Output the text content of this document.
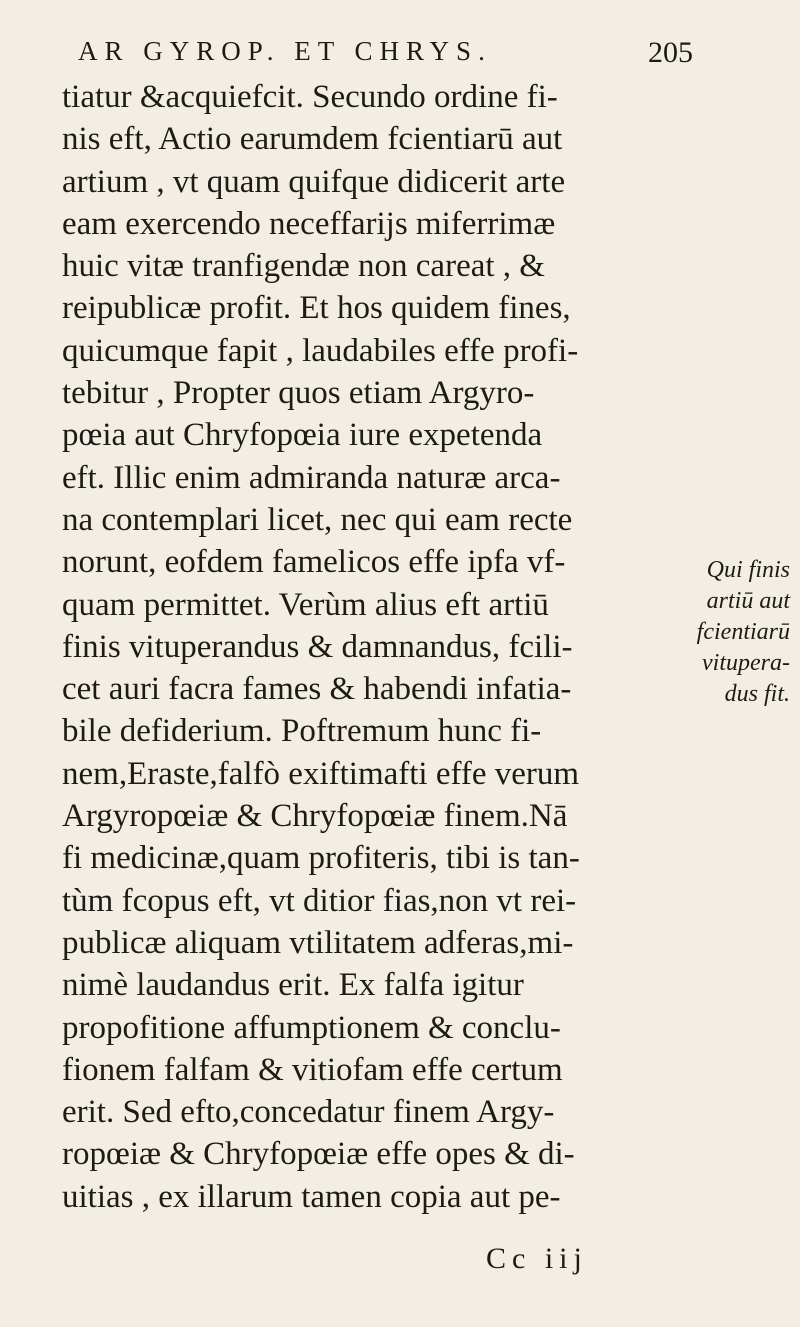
AR GYROP. ET CHRYS.	205
tiatur &acquiefcit. Secundo ordine fi-
nis eft, Actio earumdem fcientiarū aut
artium , vt quam quifque didicerit arte
eam exercendo neceffarijs miferrimæ
huic vitæ tranfigendæ non careat , &
reipublicæ profit. Et hos quidem fines,
quicumque fapit , laudabiles effe profi-
tebitur , Propter quos etiam Argyro-
pœia aut Chryfopœia iure expetenda
eft. Illic enim admiranda naturæ arca-
na contemplari licet, nec qui eam recte
norunt, eofdem famelicos effe ipfa vf-
quam permittet. Verùm alius eft artiū
finis vituperandus & damnandus, fcili-
cet auri facra fames & habendi infatia-
bile defiderium. Poftremum hunc fi-
nem,Eraste,falfò exiftimafti effe verum
Argyropœiæ & Chryfopœiæ finem.Nā
fi medicinæ,quam profiteris, tibi is tan-
tùm fcopus eft, vt ditior fias,non vt rei-
publicæ aliquam vtilitatem adferas,mi-
nimè laudandus erit. Ex falfa igitur
propofitione affumptionem & conclu-
fionem falfam & vitiofam effe certum
erit. Sed efto,concedatur finem Argy-
ropœiæ & Chryfopœiæ effe opes & di-
uitias , ex illarum tamen copia aut pe-
Qui finis
artiū aut
fcientiarū
vitupera-
dus fit.
Cc iij
